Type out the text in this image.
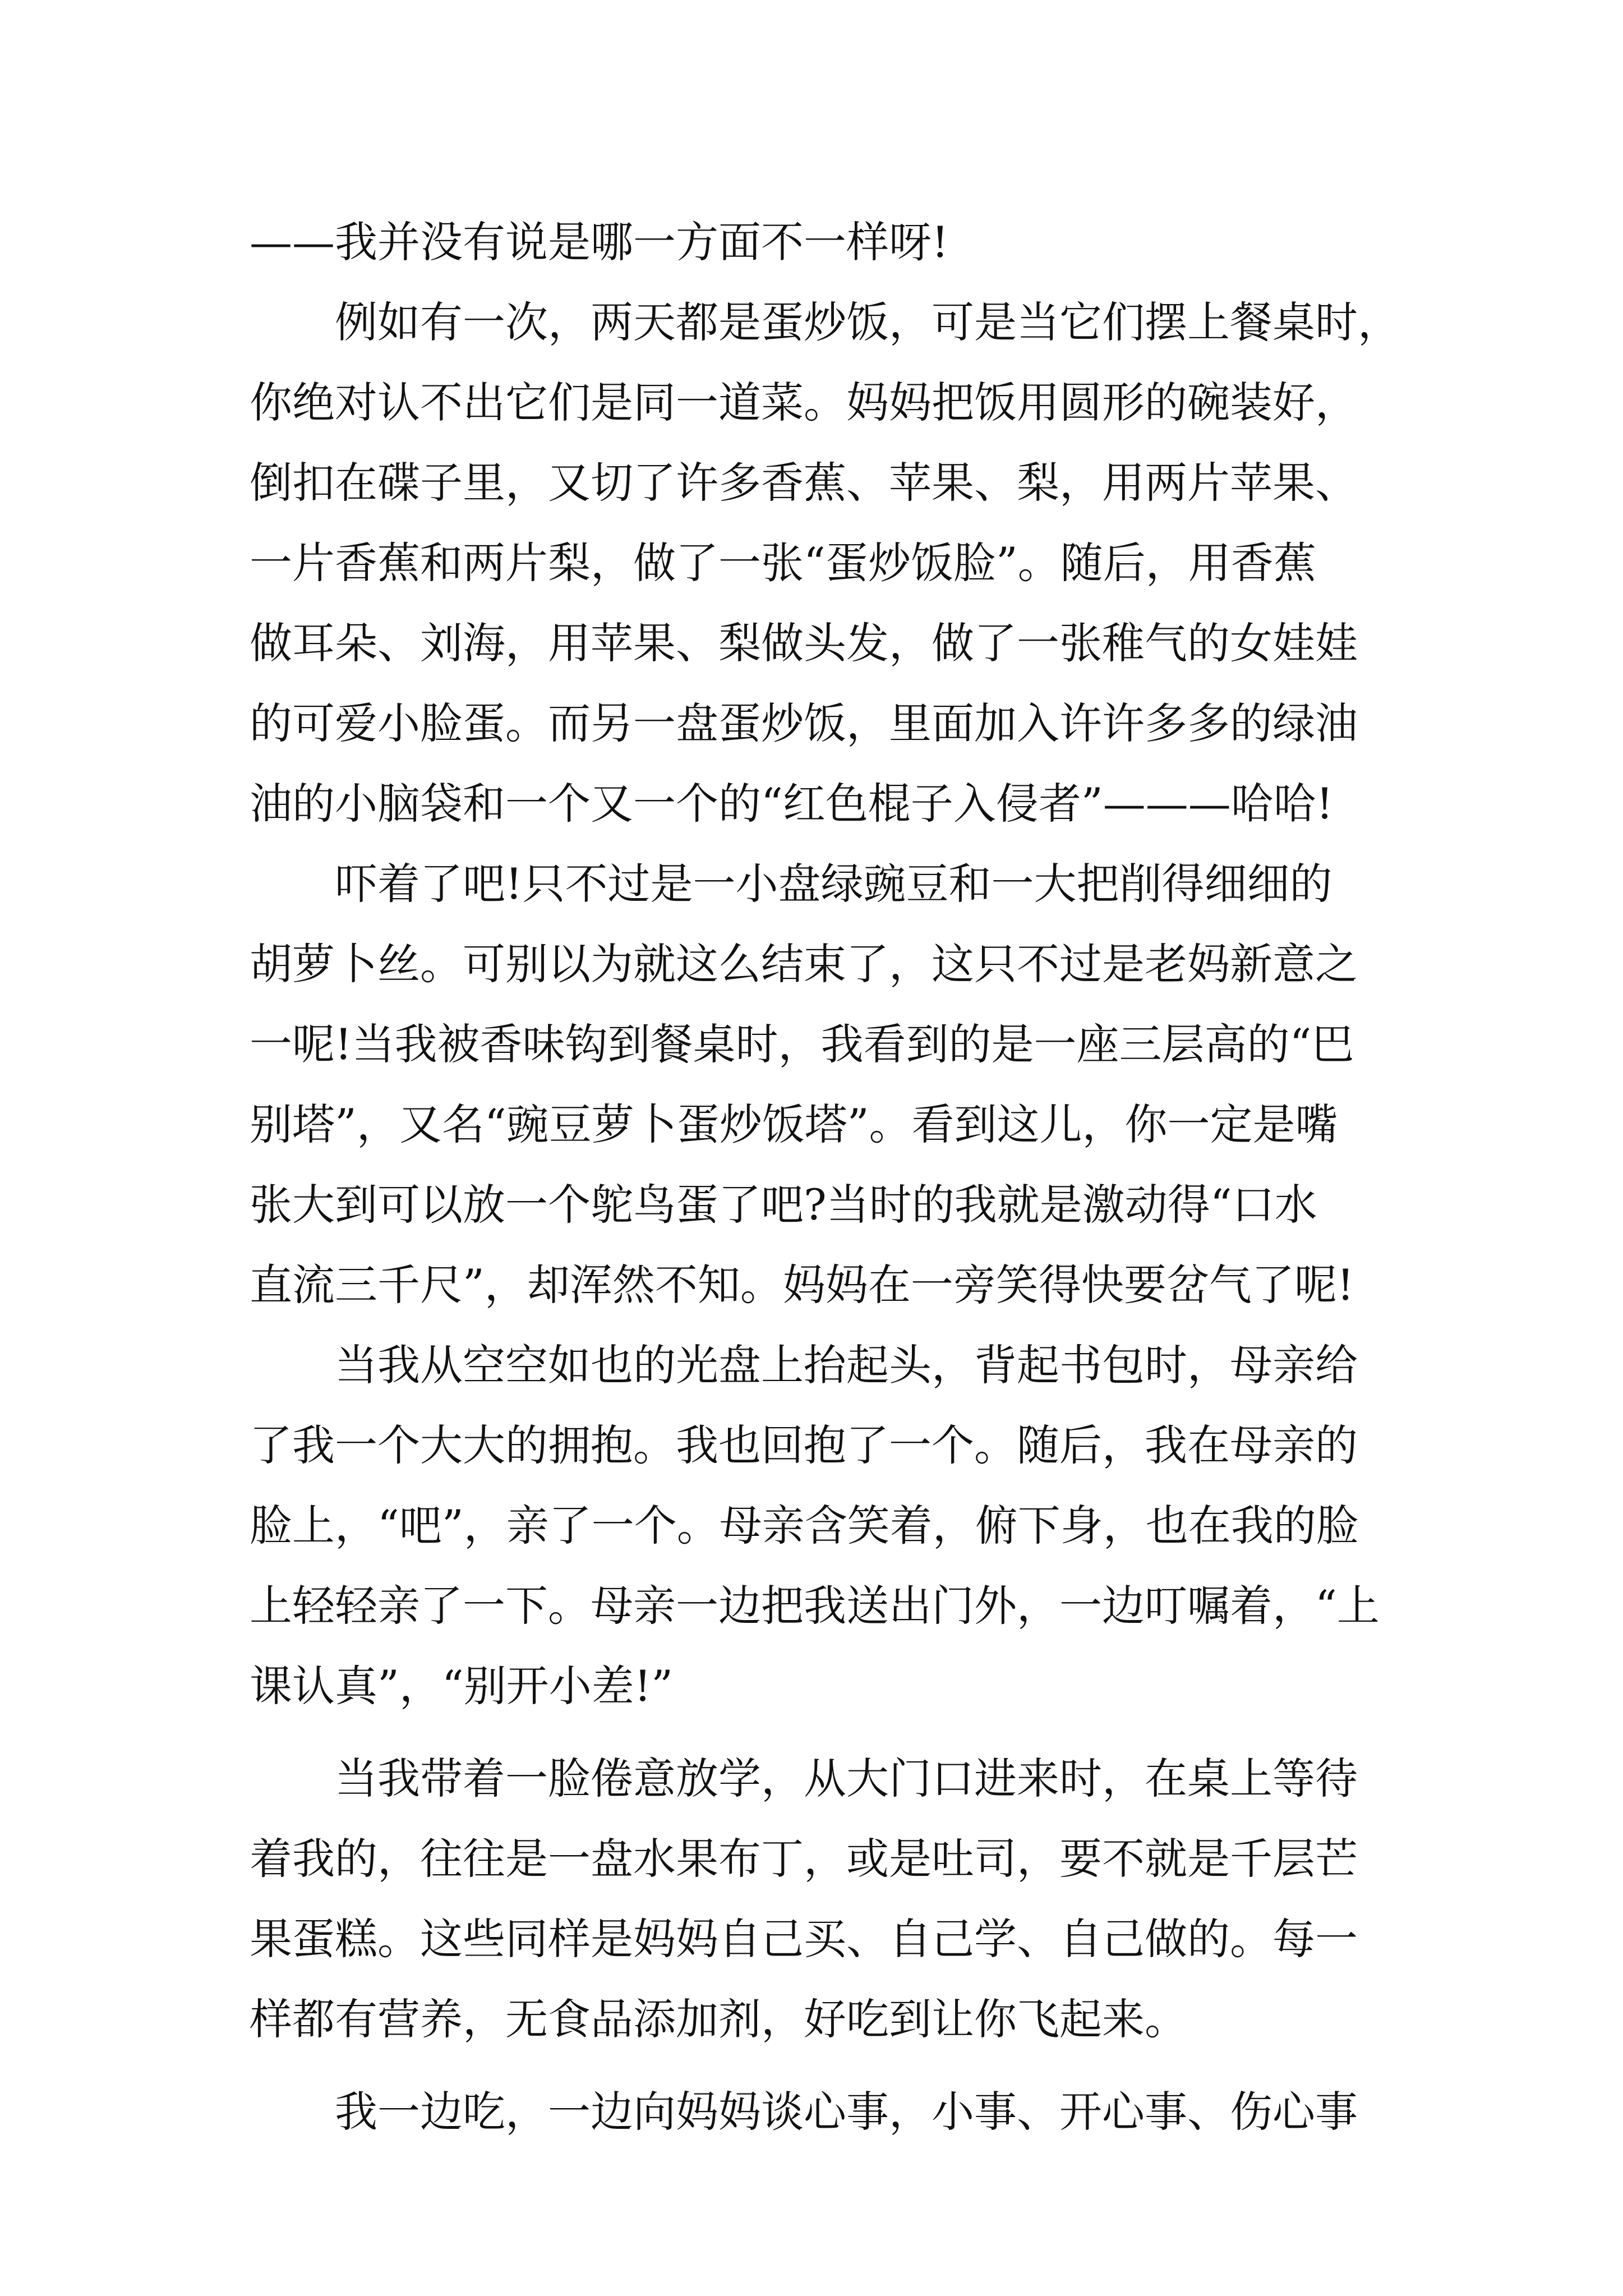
——我并没有说是哪一方面不一样呀!
　　例如有一次，两天都是蛋炒饭，可是当它们摆上餐桌时，
你绝对认不出它们是同一道菜。妈妈把饭用圆形的碗装好，
倒扣在碟子里，又切了许多香蕉、苹果、梨，用两片苹果、
一片香蕉和两片梨，做了一张“蛋炒饭脸”。随后，用香蕉
做耳朵、刘海，用苹果、梨做头发，做了一张稚气的女娃娃
的可爱小脸蛋。而另一盘蛋炒饭，里面加入许许多多的绿油
油的小脑袋和一个又一个的“红色棍子入侵者”———哈哈!
　　吓着了吧!只不过是一小盘绿豌豆和一大把削得细细的
胡萝卜丝。可别以为就这么结束了，这只不过是老妈新意之
一呢!当我被香味钩到餐桌时，我看到的是一座三层高的“巴
别塔”，又名“豌豆萝卜蛋炒饭塔”。看到这儿，你一定是嘴
张大到可以放一个鸵鸟蛋了吧?当时的我就是激动得“口水
直流三千尺”，却浑然不知。妈妈在一旁笑得快要岔气了呢!
　　当我从空空如也的光盘上抬起头，背起书包时，母亲给
了我一个大大的拥抱。我也回抱了一个。随后，我在母亲的
脸上，“吧”，亲了一个。母亲含笑着，俯下身，也在我的脸
上轻轻亲了一下。母亲一边把我送出门外，一边叮嘱着，“上
课认真”，“别开小差!”
　　当我带着一脸倦意放学，从大门口进来时，在桌上等待
着我的，往往是一盘水果布丁，或是吐司，要不就是千层芒
果蛋糕。这些同样是妈妈自己买、自己学、自己做的。每一
样都有营养，无食品添加剂，好吃到让你飞起来。
　　我一边吃，一边向妈妈谈心事，小事、开心事、伤心事
